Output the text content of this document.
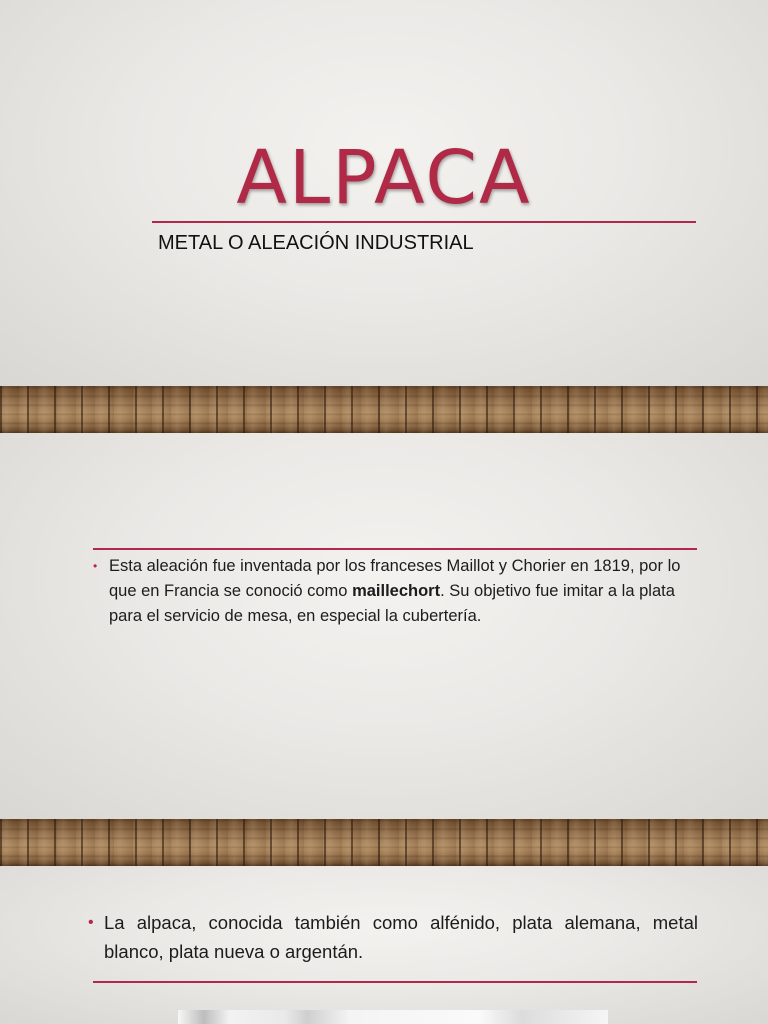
ALPACA
METAL O ALEACIÓN INDUSTRIAL
• Esta aleación fue inventada por los franceses Maillot y Chorier en 1819, por lo que en Francia se conoció como maillechort. Su objetivo fue imitar a la plata para el servicio de mesa, en especial la cubertería.
• La alpaca, conocida también como alfénido, plata alemana, metal blanco, plata nueva o argentán.
